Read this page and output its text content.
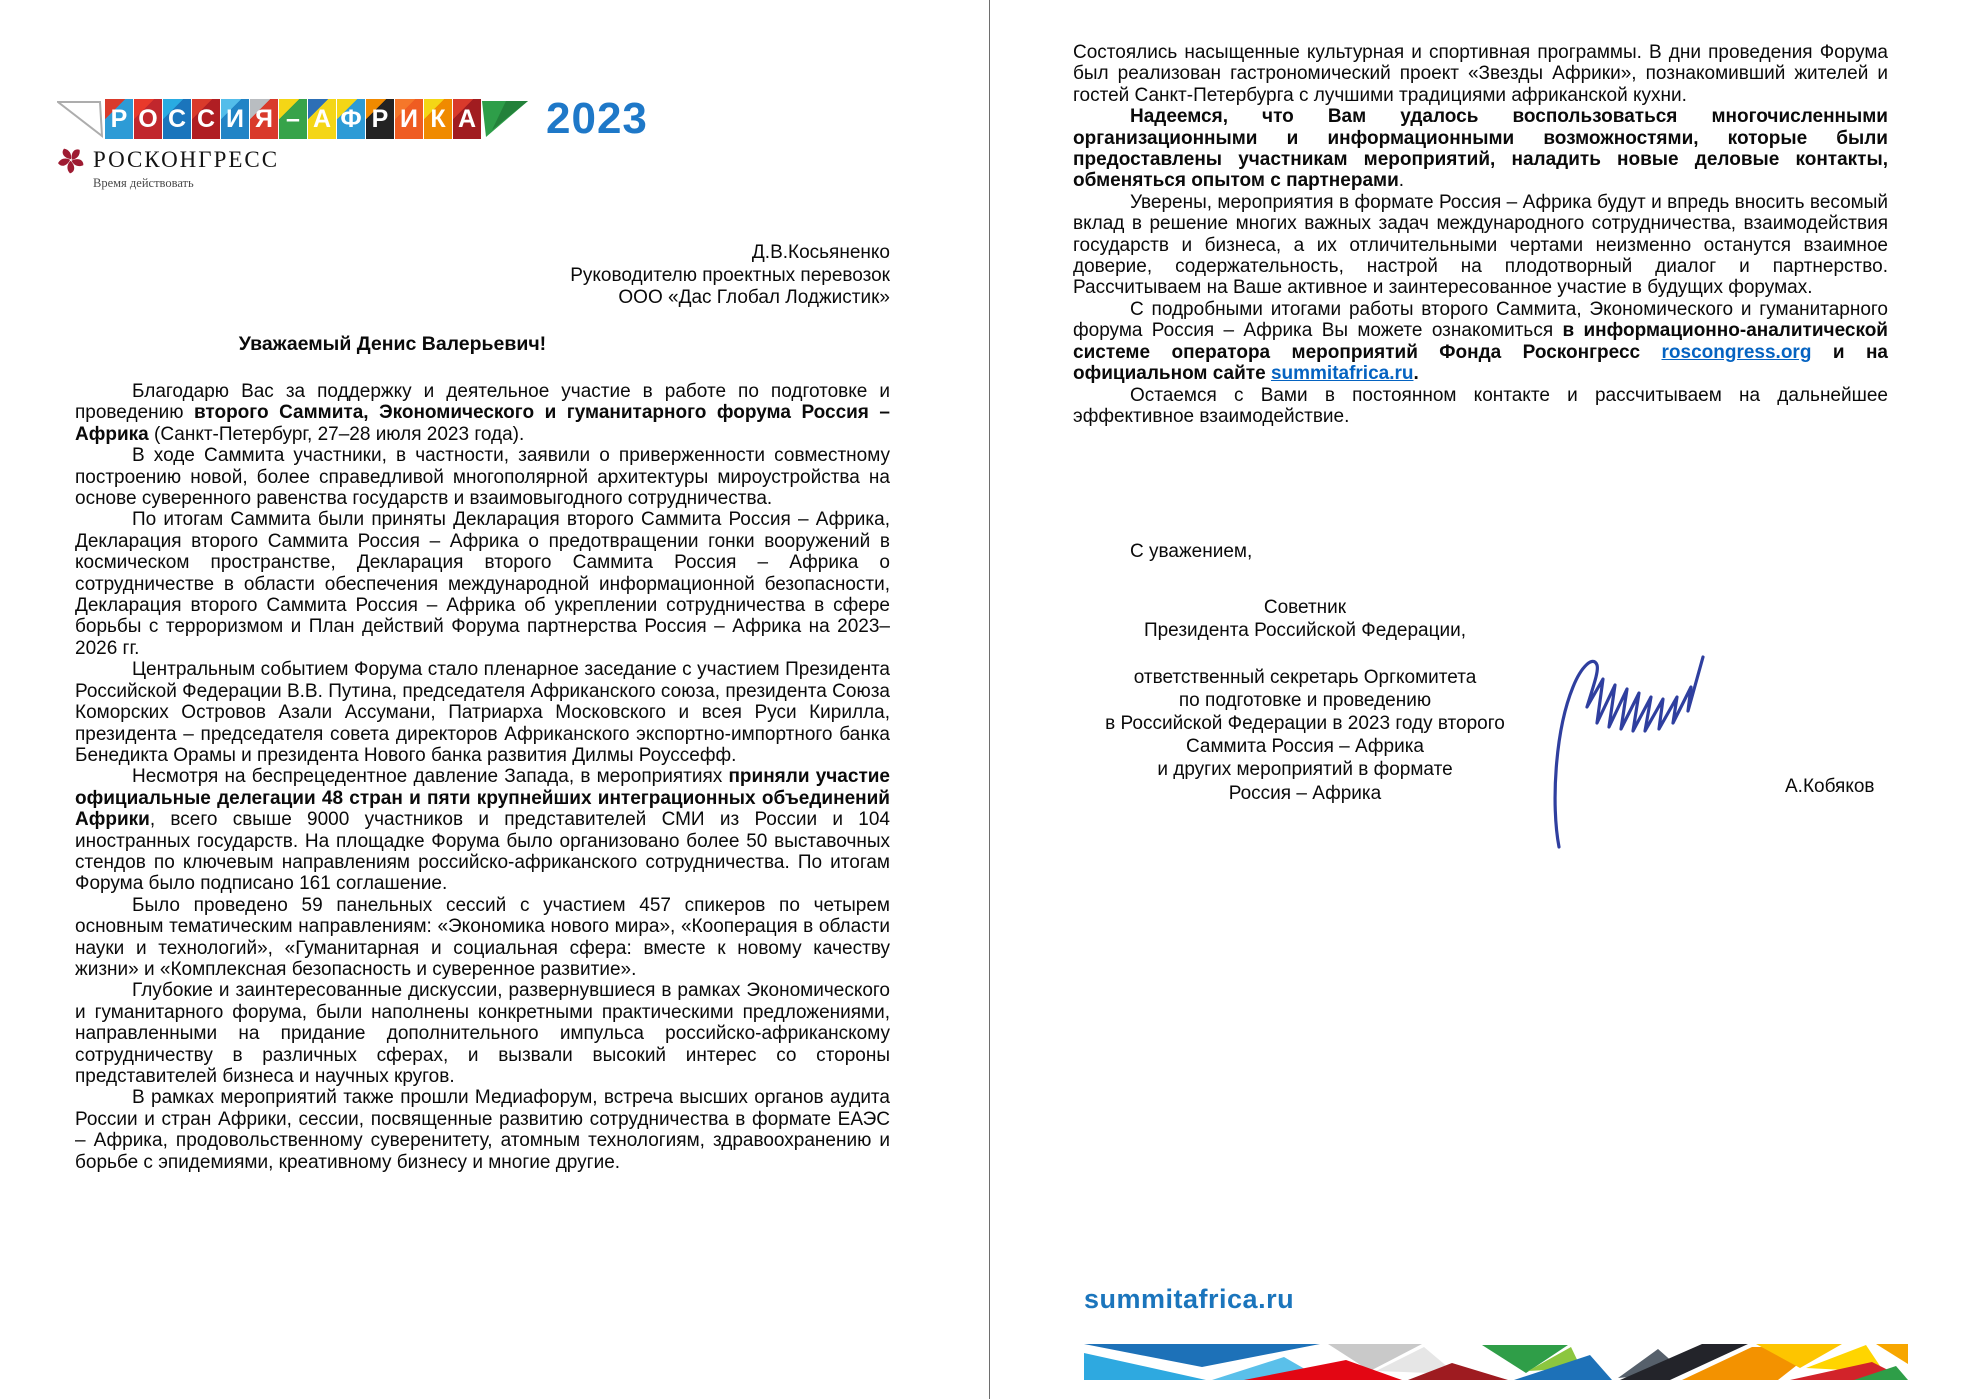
Р О С С И Я – А Ф Р И К А 2023
РОСКОНГРЕСС
Время действовать
Д.В.Косьяненко
Руководителю проектных перевозок
ООО «Дас Глобал Лоджистик»
Уважаемый Денис Валерьевич!

Благодарю Вас за поддержку и деятельное участие в работе по подготовке и проведению второго Саммита, Экономического и гуманитарного форума Россия – Африка (Санкт-Петербург, 27–28 июля 2023 года).

В ходе Саммита участники, в частности, заявили о приверженности совместному построению новой, более справедливой многополярной архитектуры мироустройства на основе суверенного равенства государств и взаимовыгодного сотрудничества.

По итогам Саммита были приняты Декларация второго Саммита Россия – Африка, Декларация второго Саммита Россия – Африка о предотвращении гонки вооружений в космическом пространстве, Декларация второго Саммита Россия – Африка о сотрудничестве в области обеспечения международной информационной безопасности, Декларация второго Саммита Россия – Африка об укреплении сотрудничества в сфере борьбы с терроризмом и План действий Форума партнерства Россия – Африка на 2023–2026 гг.

Центральным событием Форума стало пленарное заседание с участием Президента Российской Федерации В.В. Путина, председателя Африканского союза, президента Союза Коморских Островов Азали Ассумани, Патриарха Московского и всея Руси Кирилла, президента – председателя совета директоров Африканского экспортно-импортного банка Бенедикта Орамы и президента Нового банка развития Дилмы Роуссефф.

Несмотря на беспрецедентное давление Запада, в мероприятиях приняли участие официальные делегации 48 стран и пяти крупнейших интеграционных объединений Африки, всего свыше 9000 участников и представителей СМИ из России и 104 иностранных государств. На площадке Форума было организовано более 50 выставочных стендов по ключевым направлениям российско-африканского сотрудничества. По итогам Форума было подписано 161 соглашение.

Было проведено 59 панельных сессий с участием 457 спикеров по четырем основным тематическим направлениям: «Экономика нового мира», «Кооперация в области науки и технологий», «Гуманитарная и социальная сфера: вместе к новому качеству жизни» и «Комплексная безопасность и суверенное развитие».

Глубокие и заинтересованные дискуссии, развернувшиеся в рамках Экономического и гуманитарного форума, были наполнены конкретными практическими предложениями, направленными на придание дополнительного импульса российско-африканскому сотрудничеству в различных сферах, и вызвали высокий интерес со стороны представителей бизнеса и научных кругов.

В рамках мероприятий также прошли Медиафорум, встреча высших органов аудита России и стран Африки, сессии, посвященные развитию сотрудничества в формате ЕАЭС – Африка, продовольственному суверенитету, атомным технологиям, здравоохранению и борьбе с эпидемиями, креативному бизнесу и многие другие.

Состоялись насыщенные культурная и спортивная программы. В дни проведения Форума был реализован гастрономический проект «Звезды Африки», познакомивший жителей и гостей Санкт-Петербурга с лучшими традициями африканской кухни.

Надеемся, что Вам удалось воспользоваться многочисленными организационными и информационными возможностями, которые были предоставлены участникам мероприятий, наладить новые деловые контакты, обменяться опытом с партнерами.

Уверены, мероприятия в формате Россия – Африка будут и впредь вносить весомый вклад в решение многих важных задач международного сотрудничества, взаимодействия государств и бизнеса, а их отличительными чертами неизменно останутся взаимное доверие, содержательность, настрой на плодотворный диалог и партнерство. Рассчитываем на Ваше активное и заинтересованное участие в будущих форумах.

С подробными итогами работы второго Саммита, Экономического и гуманитарного форума Россия – Африка Вы можете ознакомиться в информационно-аналитической системе оператора мероприятий Фонда Росконгресс roscongress.org и на официальном сайте summitafrica.ru.

Остаемся с Вами в постоянном контакте и рассчитываем на дальнейшее эффективное взаимодействие.

С уважением,
Советник
Президента Российской Федерации,
ответственный секретарь Оргкомитета
по подготовке и проведению
в Российской Федерации в 2023 году второго
Саммита Россия – Африка
и других мероприятий в формате
Россия – Африка	А.Кобяков
summitafrica.ru
